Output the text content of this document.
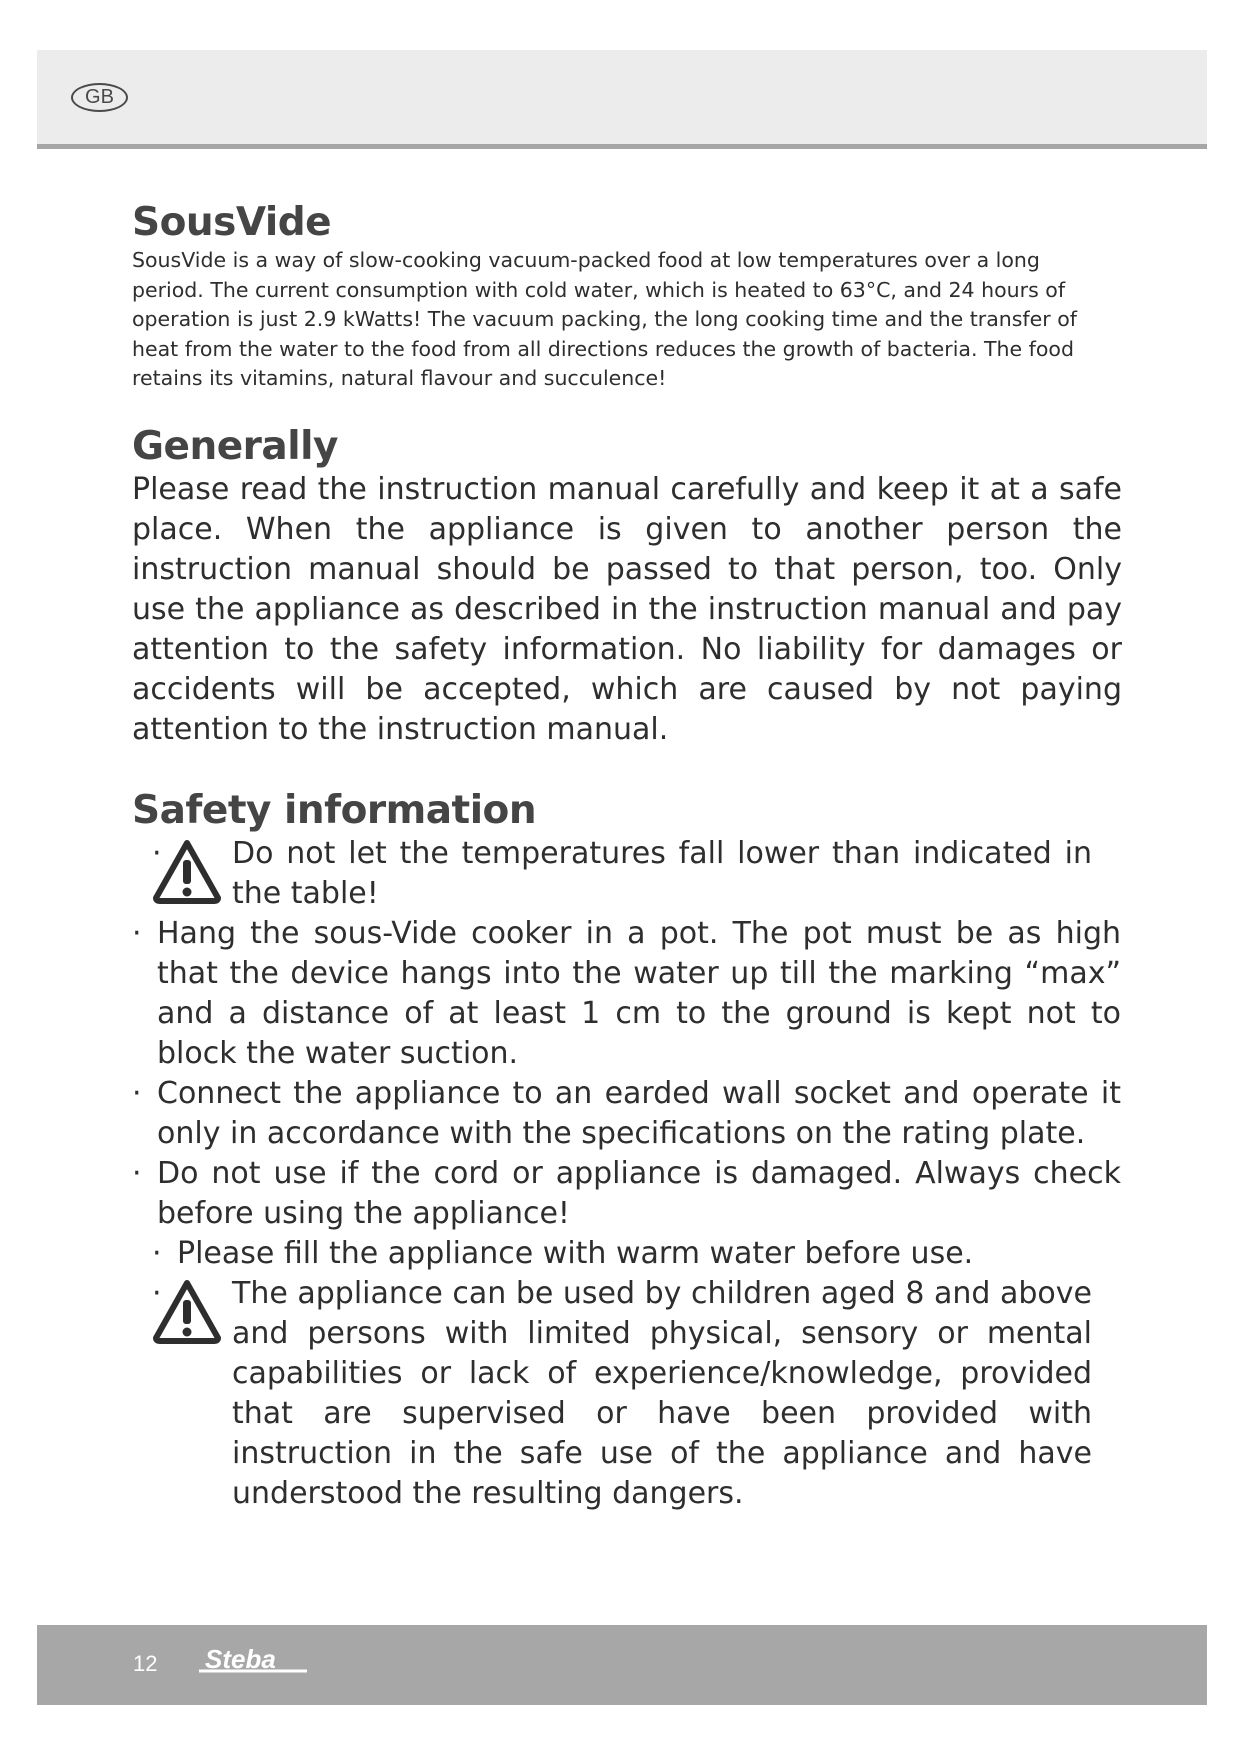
GB
SousVide

SousVide is a way of slow-cooking vacuum-packed food at low temperatures over a long period. The current consumption with cold water, which is heated to 63°C, and 24 hours of operation is just 2.9 kWatts! The vacuum packing, the long cooking time and the transfer of heat from the water to the food from all directions reduces the growth of bacteria. The food retains its vitamins, natural flavour and succulence!

Generally

Please read the instruction manual carefully and keep it at a safe place. When the appliance is given to another person the instruction manual should be passed to that person, too. Only use the appliance as described in the instruction manual and pay attention to the safety information. No liability for damages or accidents will be accepted, which are caused by not paying attention to the instruction manual.

Safety information
· Do not let the temperatures fall lower than indicated in the table!
· Hang the sous-Vide cooker in a pot. The pot must be as high that the device hangs into the water up till the marking “max” and a distance of at least 1 cm to the ground is kept not to block the water suction.
· Connect the appliance to an earded wall socket and operate it only in accordance with the specifications on the rating plate.
· Do not use if the cord or appliance is damaged. Always check before using the appliance!
· Please fill the appliance with warm water before use.
· The appliance can be used by children aged 8 and above and persons with limited physical, sensory or mental capabilities or lack of experience/knowledge, provided that are supervised or have been provided with instruction in the safe use of the appliance and have understood the resulting dangers.
12 Steba
